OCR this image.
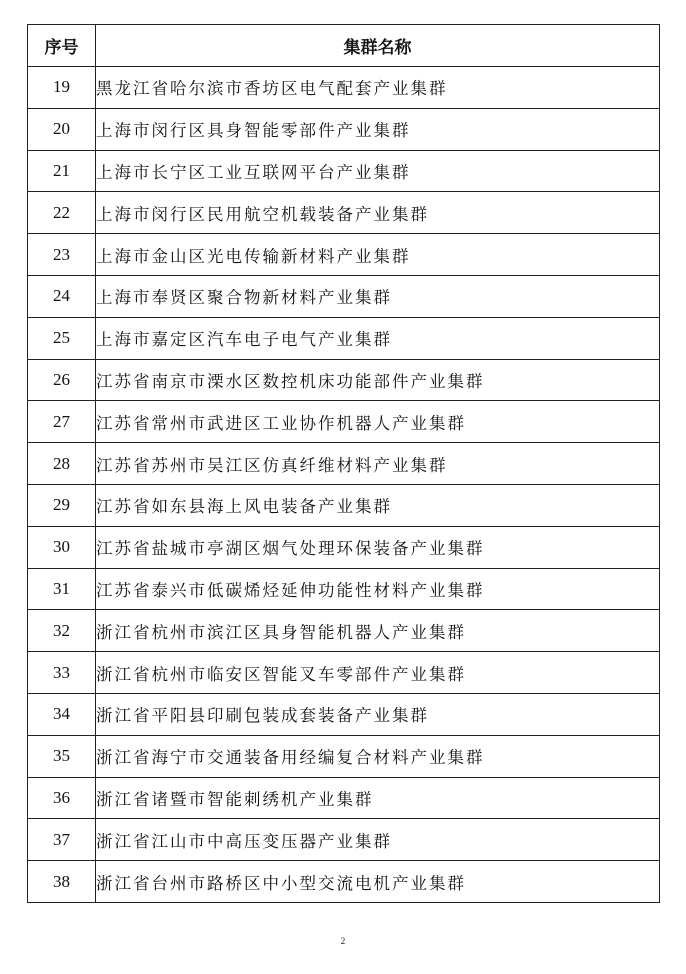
序号	集群名称
19	黑龙江省哈尔滨市香坊区电气配套产业集群
20	上海市闵行区具身智能零部件产业集群
21	上海市长宁区工业互联网平台产业集群
22	上海市闵行区民用航空机载装备产业集群
23	上海市金山区光电传输新材料产业集群
24	上海市奉贤区聚合物新材料产业集群
25	上海市嘉定区汽车电子电气产业集群
26	江苏省南京市溧水区数控机床功能部件产业集群
27	江苏省常州市武进区工业协作机器人产业集群
28	江苏省苏州市吴江区仿真纤维材料产业集群
29	江苏省如东县海上风电装备产业集群
30	江苏省盐城市亭湖区烟气处理环保装备产业集群
31	江苏省泰兴市低碳烯烃延伸功能性材料产业集群
32	浙江省杭州市滨江区具身智能机器人产业集群
33	浙江省杭州市临安区智能叉车零部件产业集群
34	浙江省平阳县印刷包装成套装备产业集群
35	浙江省海宁市交通装备用经编复合材料产业集群
36	浙江省诸暨市智能刺绣机产业集群
37	浙江省江山市中高压变压器产业集群
38	浙江省台州市路桥区中小型交流电机产业集群
2
